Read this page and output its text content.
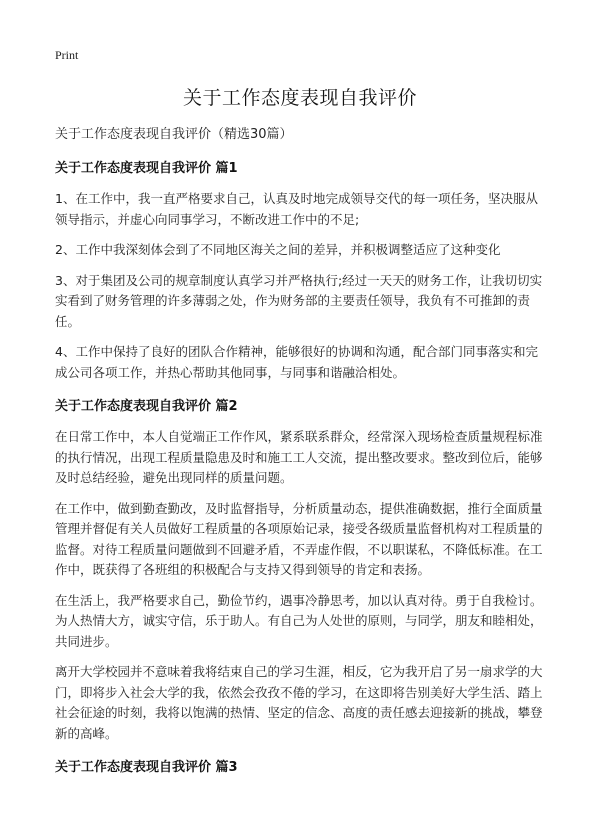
Print
关于工作态度表现自我评价

关于工作态度表现自我评价（精选30篇）

关于工作态度表现自我评价 篇1

1、在工作中，我一直严格要求自己，认真及时地完成领导交代的每一项任务，坚决服从领导指示，并虚心向同事学习，不断改进工作中的不足;

2、工作中我深刻体会到了不同地区海关之间的差异，并积极调整适应了这种变化

3、对于集团及公司的规章制度认真学习并严格执行;经过一天天的财务工作，让我切切实实看到了财务管理的许多薄弱之处，作为财务部的主要责任领导，我负有不可推卸的责任。

4、工作中保持了良好的团队合作精神，能够很好的协调和沟通，配合部门同事落实和完成公司各项工作，并热心帮助其他同事，与同事和谐融洽相处。

关于工作态度表现自我评价 篇2

在日常工作中，本人自觉端正工作作风，紧系联系群众，经常深入现场检查质量规程标准的执行情况，出现工程质量隐患及时和施工工人交流，提出整改要求。整改到位后，能够及时总结经验，避免出现同样的质量问题。

在工作中，做到勤查勤改，及时监督指导，分析质量动态，提供准确数据，推行全面质量管理并督促有关人员做好工程质量的各项原始记录，接受各级质量监督机构对工程质量的监督。对待工程质量问题做到不回避矛盾，不弄虚作假，不以职谋私，不降低标准。在工作中，既获得了各班组的积极配合与支持又得到领导的肯定和表扬。

在生活上，我严格要求自己，勤俭节约，遇事冷静思考，加以认真对待。勇于自我检讨。为人热情大方，诚实守信，乐于助人。有自己为人处世的原则，与同学，朋友和睦相处，共同进步。

离开大学校园并不意味着我将结束自己的学习生涯，相反，它为我开启了另一扇求学的大门，即将步入社会大学的我，依然会孜孜不倦的学习，在这即将告别美好大学生活、踏上社会征途的时刻，我将以饱满的热情、坚定的信念、高度的责任感去迎接新的挑战，攀登新的高峰。

关于工作态度表现自我评价 篇3
